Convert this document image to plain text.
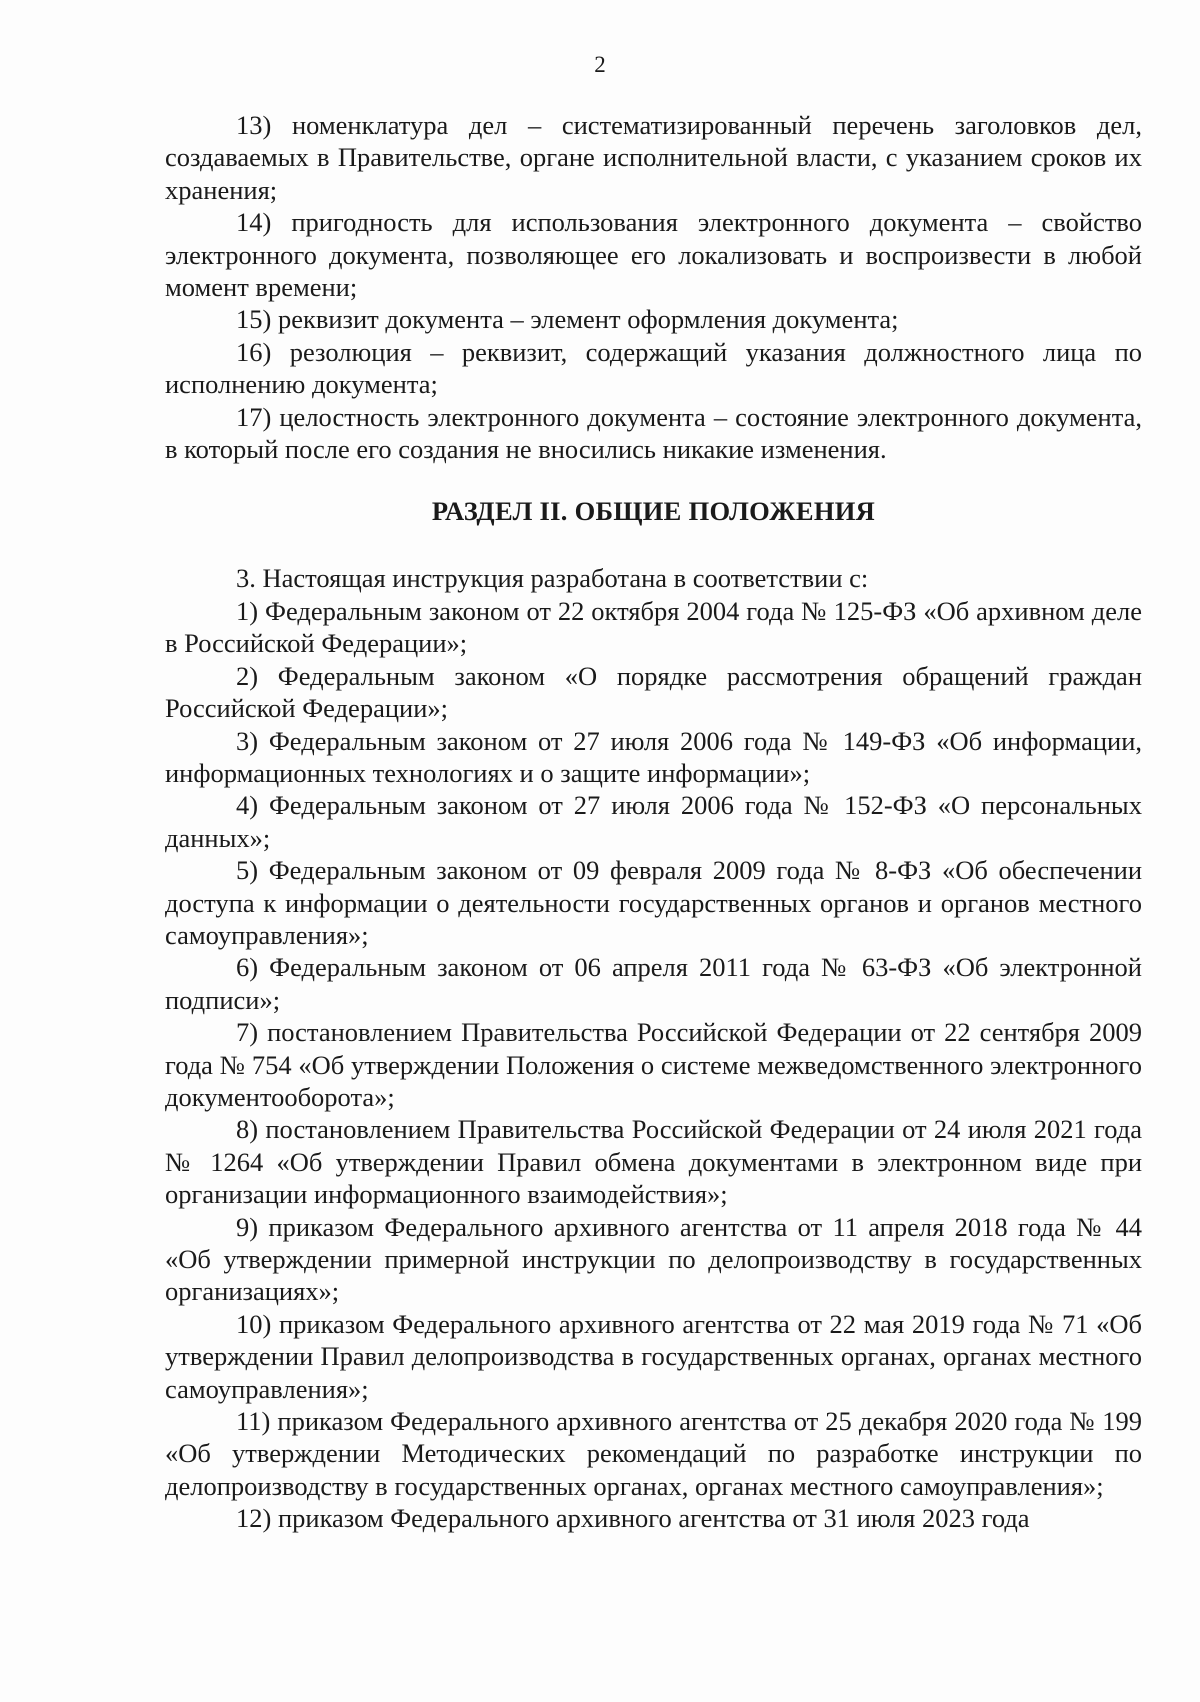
2

13) номенклатура дел – систематизированный перечень заголовков дел, создаваемых в Правительстве, органе исполнительной власти, с указанием сроков их хранения;

14) пригодность для использования электронного документа – свойство электронного документа, позволяющее его локализовать и воспроизвести в любой момент времени;

15) реквизит документа – элемент оформления документа;

16) резолюция – реквизит, содержащий указания должностного лица по исполнению документа;

17) целостность электронного документа – состояние электронного документа, в который после его создания не вносились никакие изменения.

РАЗДЕЛ II. ОБЩИЕ ПОЛОЖЕНИЯ

3. Настоящая инструкция разработана в соответствии с:

1) Федеральным законом от 22 октября 2004 года № 125-ФЗ «Об архивном деле в Российской Федерации»;

2) Федеральным законом «О порядке рассмотрения обращений граждан Российской Федерации»;

3) Федеральным законом от 27 июля 2006 года № 149-ФЗ «Об информации, информационных технологиях и о защите информации»;

4) Федеральным законом от 27 июля 2006 года № 152-ФЗ «О персональных данных»;

5) Федеральным законом от 09 февраля 2009 года № 8-ФЗ «Об обеспечении доступа к информации о деятельности государственных органов и органов местного самоуправления»;

6) Федеральным законом от 06 апреля 2011 года № 63-ФЗ «Об электронной подписи»;

7) постановлением Правительства Российской Федерации от 22 сентября 2009 года № 754 «Об утверждении Положения о системе межведомственного электронного документооборота»;

8) постановлением Правительства Российской Федерации от 24 июля 2021 года № 1264 «Об утверждении Правил обмена документами в электронном виде при организации информационного взаимодействия»;

9) приказом Федерального архивного агентства от 11 апреля 2018 года № 44 «Об утверждении примерной инструкции по делопроизводству в государственных организациях»;

10) приказом Федерального архивного агентства от 22 мая 2019 года № 71 «Об утверждении Правил делопроизводства в государственных органах, органах местного самоуправления»;

11) приказом Федерального архивного агентства от 25 декабря 2020 года № 199 «Об утверждении Методических рекомендаций по разработке инструкции по делопроизводству в государственных органах, органах местного самоуправления»;

12) приказом Федерального архивного агентства от 31 июля 2023 года
